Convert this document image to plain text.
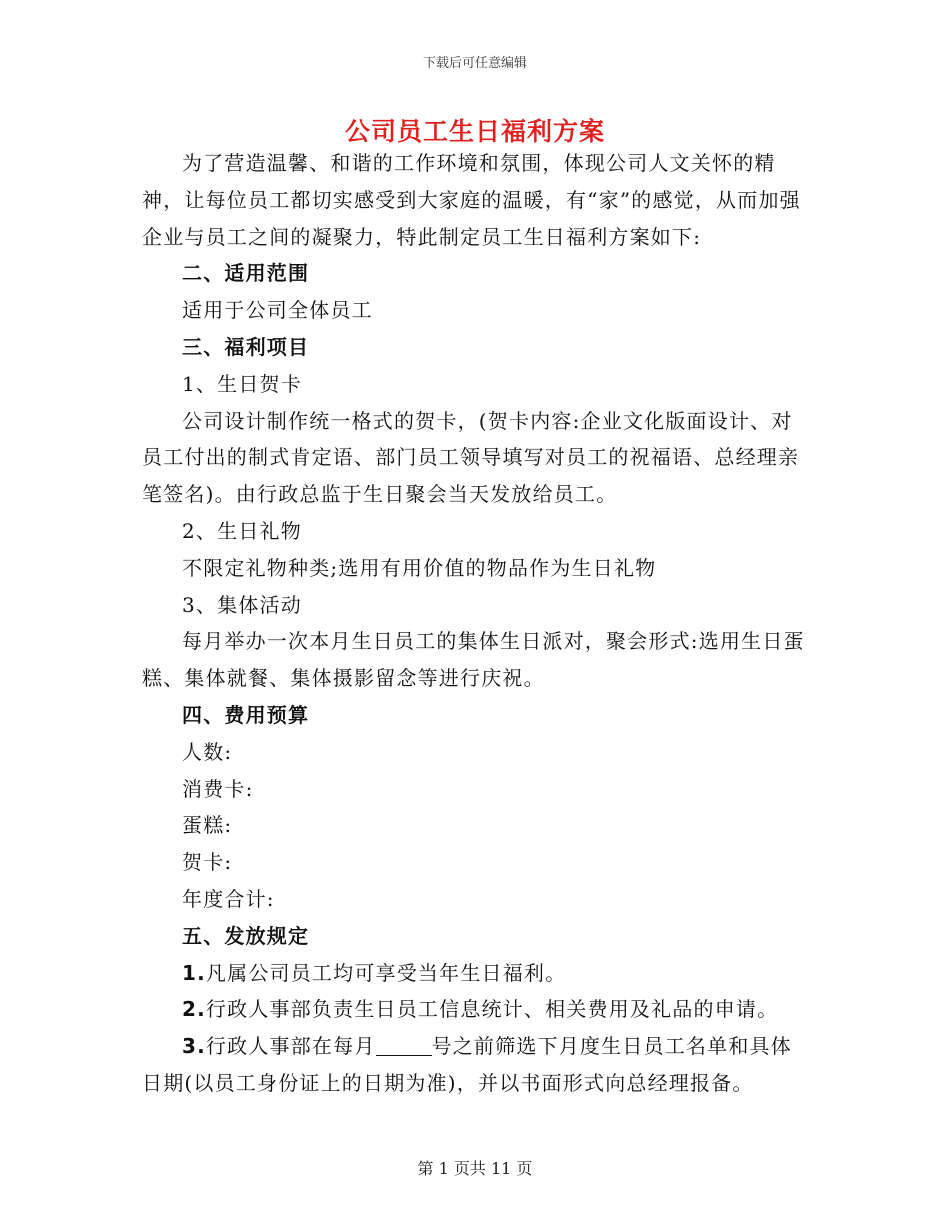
下载后可任意编辑
公司员工生日福利方案

为了营造温馨、和谐的工作环境和氛围，体现公司人文关怀的精神，让每位员工都切实感受到大家庭的温暖，有“家”的感觉，从而加强企业与员工之间的凝聚力，特此制定员工生日福利方案如下:

二、适用范围

适用于公司全体员工

三、福利项目

1、生日贺卡

公司设计制作统一格式的贺卡，(贺卡内容:企业文化版面设计、对员工付出的制式肯定语、部门员工领导填写对员工的祝福语、总经理亲笔签名)。由行政总监于生日聚会当天发放给员工。

2、生日礼物

不限定礼物种类;选用有用价值的物品作为生日礼物

3、集体活动

每月举办一次本月生日员工的集体生日派对，聚会形式:选用生日蛋糕、集体就餐、集体摄影留念等进行庆祝。

四、费用预算

人数:

消费卡:

蛋糕:

贺卡:

年度合计:

五、发放规定

1.凡属公司员工均可享受当年生日福利。

2.行政人事部负责生日员工信息统计、相关费用及礼品的申请。

3.行政人事部在每月	号之前筛选下月度生日员工名单和具体日期(以员工身份证上的日期为准)，并以书面形式向总经理报备。

第 1 页共 11 页
